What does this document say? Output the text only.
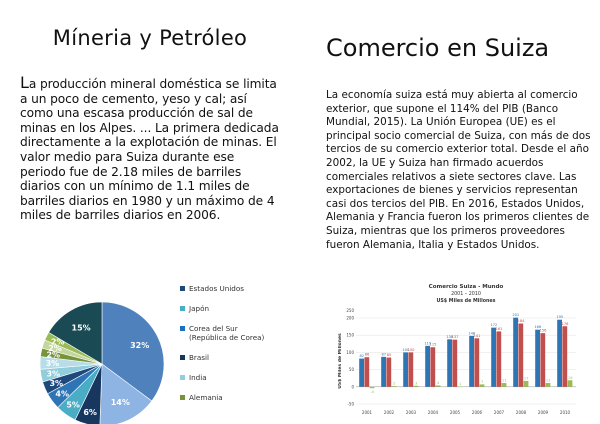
Míneria y Petróleo	Comercio en Suiza
La producción mineral doméstica se limita a un poco de cemento, yeso y cal; así como una escasa producción de sal de minas en los Alpes. ... La primera dedicada directamente a la explotación de minas. El valor medio para Suiza durante ese periodo fue de 2.18 miles de barriles diarios con un mínimo de 1.1 miles de barriles diarios en 1980 y un máximo de 4 miles de barriles diarios en 2006.
La economía suiza está muy abierta al comercio exterior, que supone el 114% del PIB (Banco Mundial, 2015). La Unión Europea (UE) es el principal socio comercial de Suiza, con más de dos tercios de su comercio exterior total. Desde el año 2002, la UE y Suiza han firmado acuerdos comerciales relativos a siete sectores clave. Las exportaciones de bienes y servicios representan casi dos tercios del PIB. En 2016, Estados Unidos, Alemania y Francia fueron los primeros clientes de Suiza, mientras que los primeros proveedores fueron Alemania, Italia y Estados Unidos.
32%
14%
6%
5%
4%
3%
3%
3%
2%
2%
2%
15%
Estados Unidos
Japón
Corea del Sur
(República de Corea)
Brasil
India
Alemania
Comercio Suiza - Mundo
2001 – 2010
US$ Miles de Millones
US$ Miles de Millones
200
150
100
50
0
-50
250
82 86
-4
2001
87 85
2
2002
100
100
3
2003
119
115
4
2004
138
137
1
2005
148
141
7
2006
172
161
11
2007
201
184
17
2008
166
156
11
2009
195
176
19
2010
